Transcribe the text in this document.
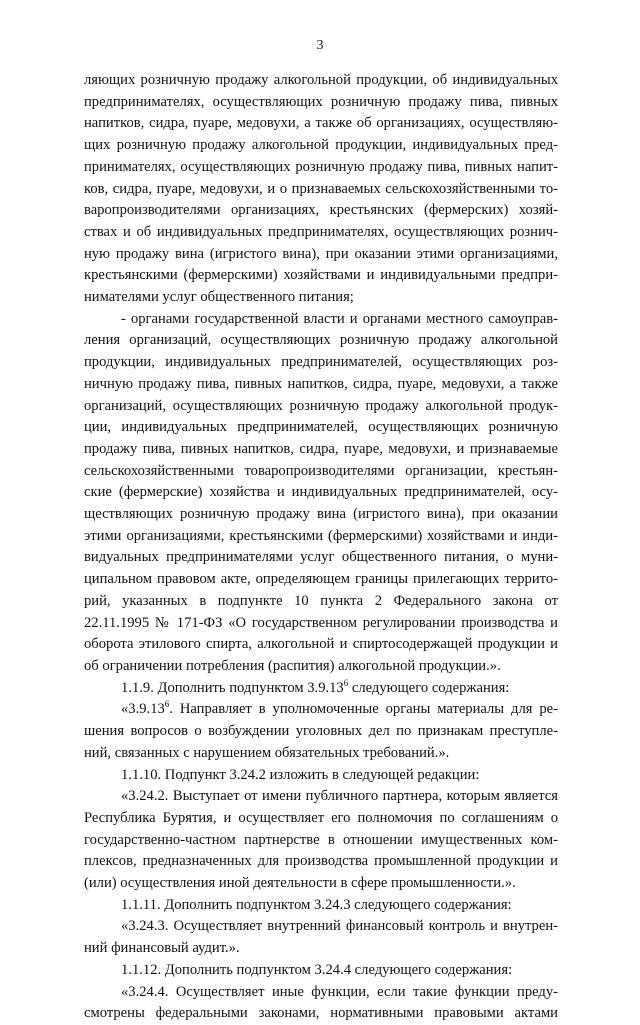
3
ляющих розничную продажу алкогольной продукции, об индивидуальных
предпринимателях, осуществляющих розничную продажу пива, пивных
напитков, сидра, пуаре, медовухи, а также об организациях, осуществляю-
щих розничную продажу алкогольной продукции, индивидуальных пред-
принимателях, осуществляющих розничную продажу пива, пивных напит-
ков, сидра, пуаре, медовухи, и о признаваемых сельскохозяйственными то-
варопроизводителями организациях, крестьянских (фермерских) хозяй-
ствах и об индивидуальных предпринимателях, осуществляющих рознич-
ную продажу вина (игристого вина), при оказании этими организациями,
крестьянскими (фермерскими) хозяйствами и индивидуальными предпри-
нимателями услуг общественного питания;
- органами государственной власти и органами местного самоуправ-
ления организаций, осуществляющих розничную продажу алкогольной
продукции, индивидуальных предпринимателей, осуществляющих роз-
ничную продажу пива, пивных напитков, сидра, пуаре, медовухи, а также
организаций, осуществляющих розничную продажу алкогольной продук-
ции, индивидуальных предпринимателей, осуществляющих розничную
продажу пива, пивных напитков, сидра, пуаре, медовухи, и признаваемые
сельскохозяйственными товаропроизводителями организации, крестьян-
ские (фермерские) хозяйства и индивидуальных предпринимателей, осу-
ществляющих розничную продажу вина (игристого вина), при оказании
этими организациями, крестьянскими (фермерскими) хозяйствами и инди-
видуальных предпринимателями услуг общественного питания, о муни-
ципальном правовом акте, определяющем границы прилегающих террито-
рий, указанных в подпункте 10 пункта 2 Федерального закона от
22.11.1995 № 171-ФЗ «О государственном регулировании производства и
оборота этилового спирта, алкогольной и спиртосодержащей продукции и
об ограничении потребления (распития) алкогольной продукции.».
1.1.9. Дополнить подпунктом 3.9.13$^6$ следующего содержания:
«3.9.13$^6$. Направляет в уполномоченные органы материалы для ре-
шения вопросов о возбуждении уголовных дел по признакам преступле-
ний, связанных с нарушением обязательных требований.».
1.1.10. Подпункт 3.24.2 изложить в следующей редакции:
«3.24.2. Выступает от имени публичного партнера, которым является
Республика Бурятия, и осуществляет его полномочия по соглашениям о
государственно-частном партнерстве в отношении имущественных ком-
плексов, предназначенных для производства промышленной продукции и
(или) осуществления иной деятельности в сфере промышленности.».
1.1.11. Дополнить подпунктом 3.24.3 следующего содержания:
«3.24.3. Осуществляет внутренний финансовый контроль и внутрен-
ний финансовый аудит.».
1.1.12. Дополнить подпунктом 3.24.4 следующего содержания:
«3.24.4. Осуществляет иные функции, если такие функции преду-
смотрены федеральными законами, нормативными правовыми актами
